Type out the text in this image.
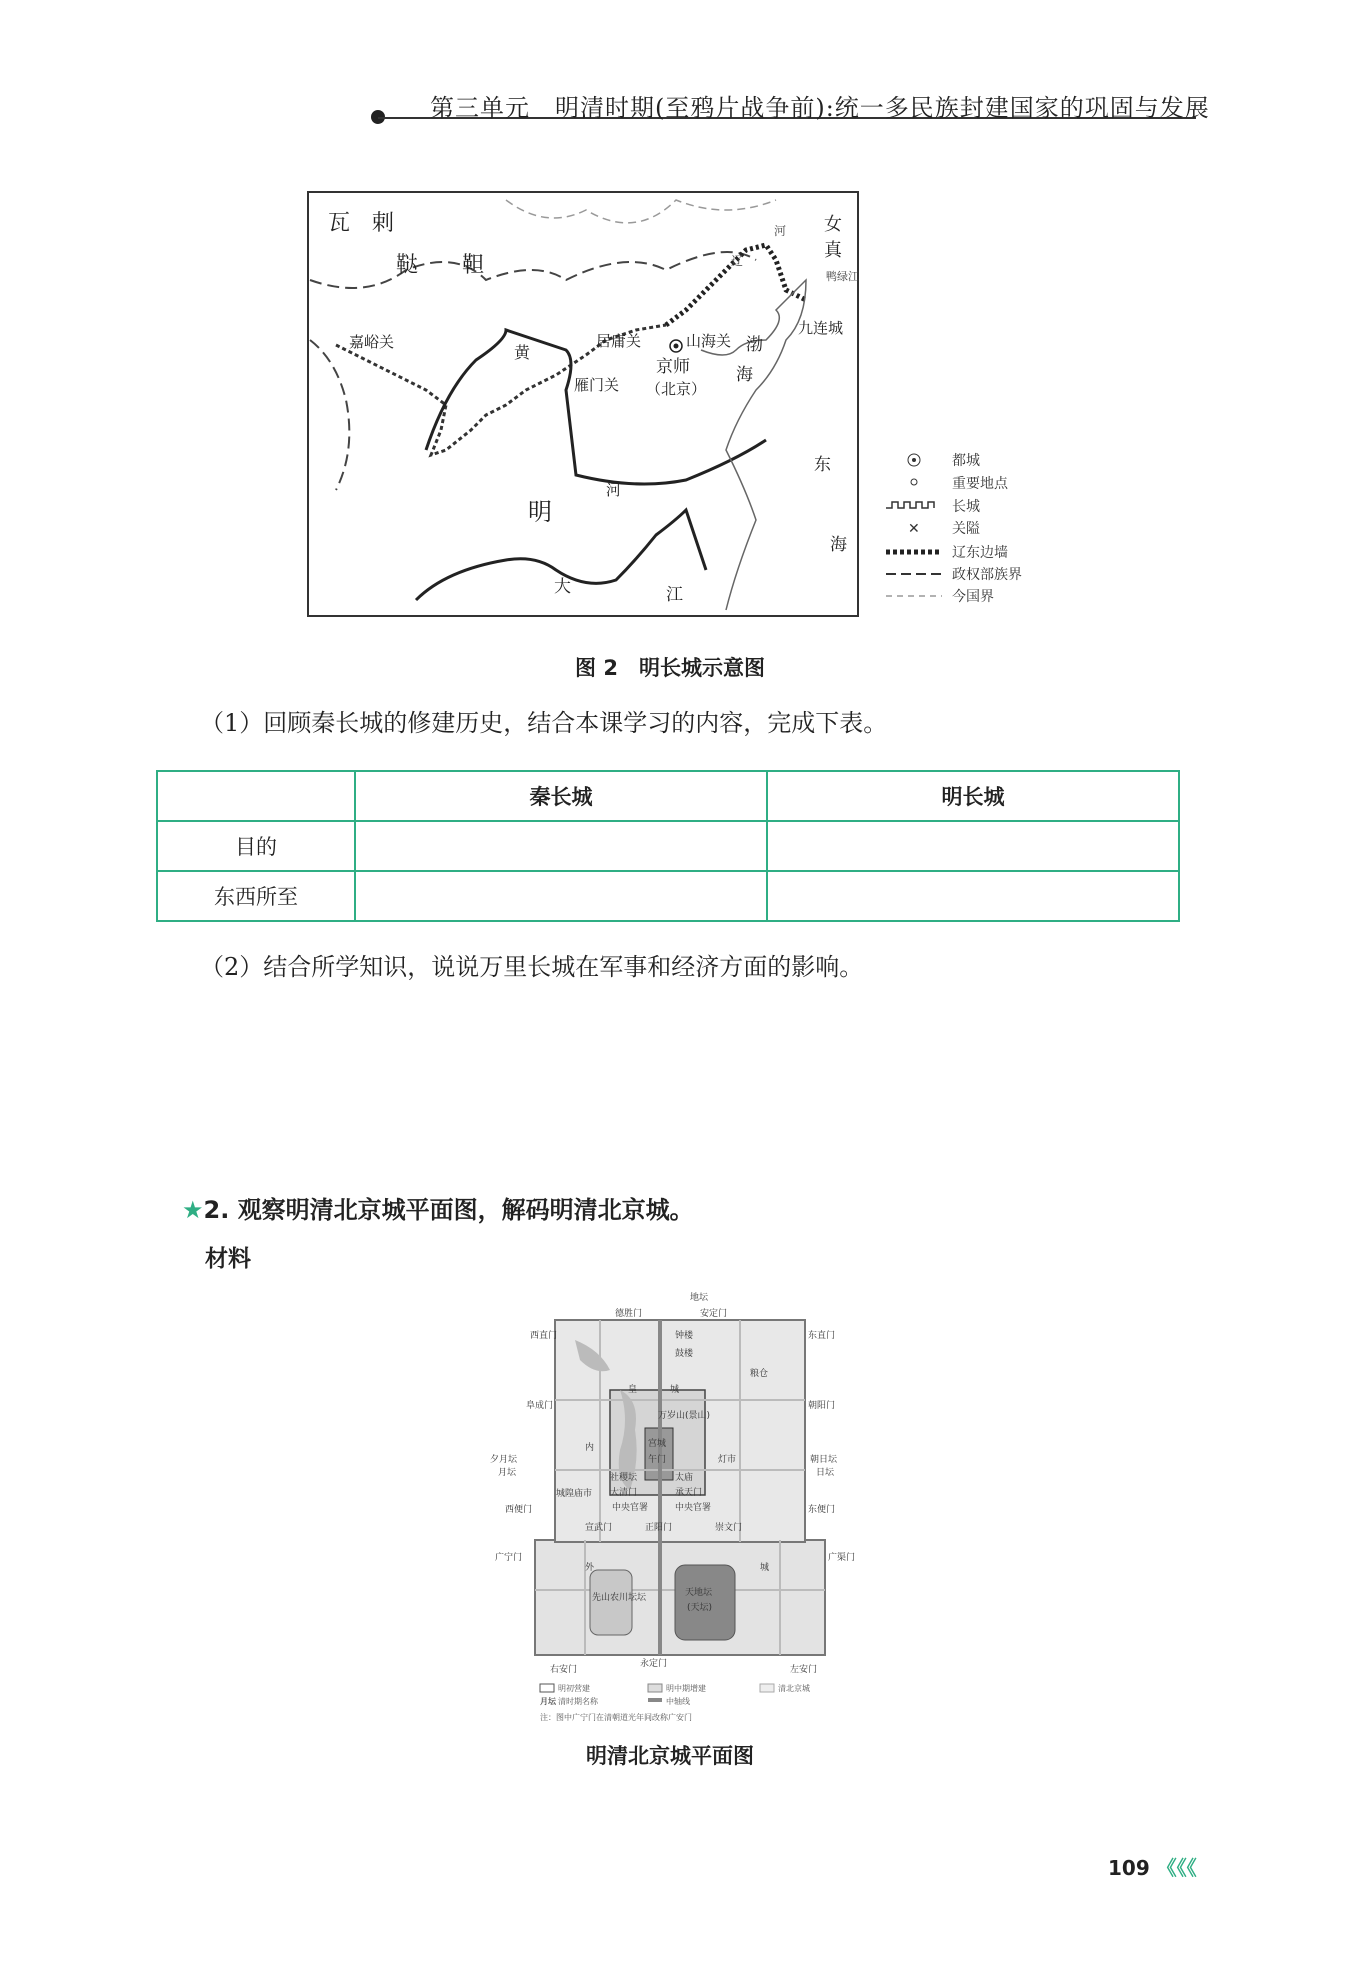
第三单元　明清时期(至鸦片战争前):统一多民族封建国家的巩固与发展
瓦　剌
鞑　　靼
女
真
辽
河
鸭绿江
嘉峪关	居庸关	山海关
九连城
黄
雁门关
京师
（北京）
渤
海
明
河
东
海
大	江
都城
重要地点
长城
✕ 关隘
辽东边墙
政权部族界
今国界
图 2　明长城示意图
（1）回顾秦长城的修建历史，结合本课学习的内容，完成下表。
	秦长城	明长城
目的		
东西所至		
（2）结合所学知识，说说万里长城在军事和经济方面的影响。
★2. 观察明清北京城平面图，解码明清北京城。
材料
地坛
德胜门	安定门
西直门	东直门
钟楼
鼓楼
粮仓
阜成门	朝阳门
皇	城
万岁山(景山)
内	宫城
午门	灯市
夕月坛
月坛
朝日坛
日坛
社稷坛	太庙
城隍庙市 大清门	承天门
中央官署	中央官署
西便门	东便门
宣武门	正阳门	崇文门
广宁门	广渠门
外	城
先山农川坛坛	天地坛
(天坛)
右安门
永定门
左安门
明初营建	明中期增建	清北京城
月坛 清时期名称	中轴线
注：图中广宁门在清朝道光年间改称广安门
明清北京城平面图
109 《《《
